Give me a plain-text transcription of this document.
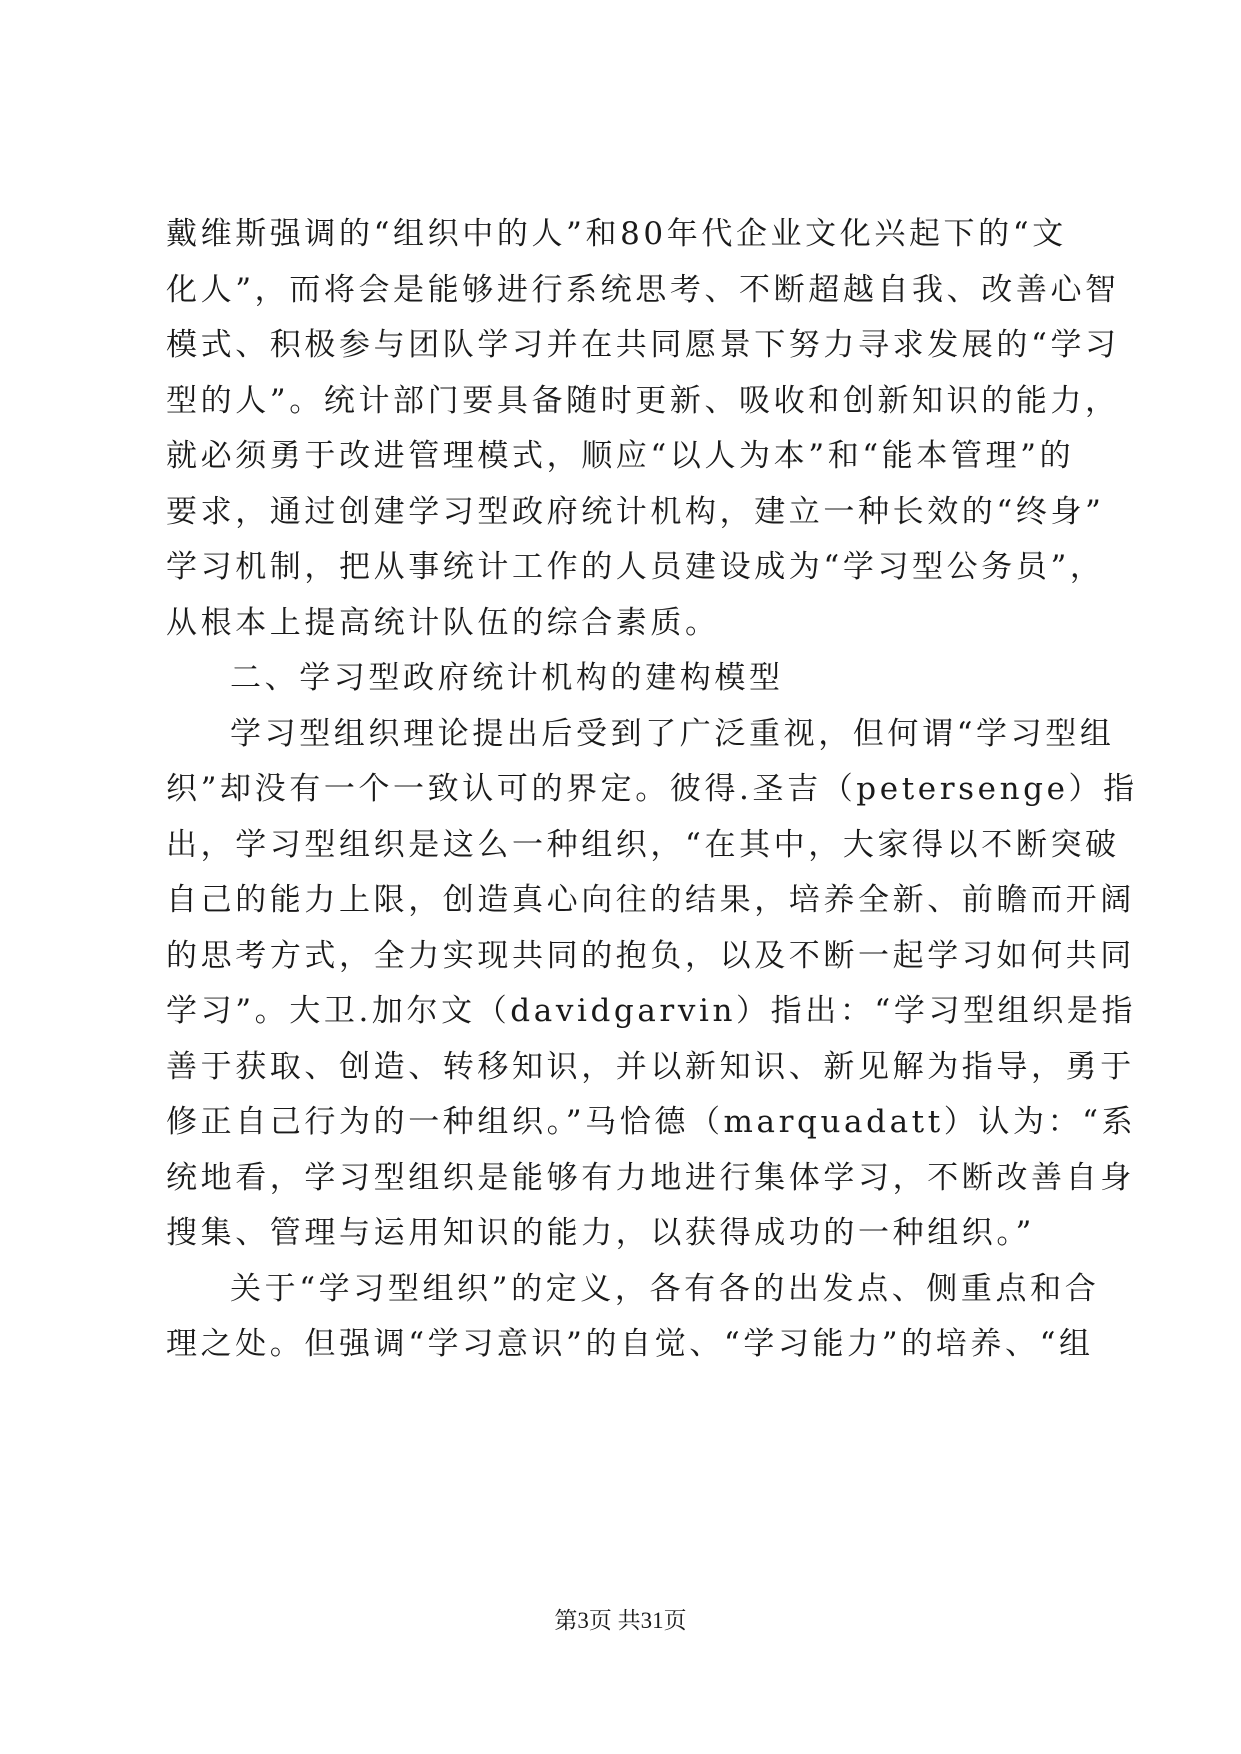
戴维斯强调的“组织中的人”和80年代企业文化兴起下的“文
化人”，而将会是能够进行系统思考、不断超越自我、改善心智
模式、积极参与团队学习并在共同愿景下努力寻求发展的“学习
型的人”。统计部门要具备随时更新、吸收和创新知识的能力，
就必须勇于改进管理模式，顺应“以人为本”和“能本管理”的
要求，通过创建学习型政府统计机构，建立一种长效的“终身”
学习机制，把从事统计工作的人员建设成为“学习型公务员”，
从根本上提高统计队伍的综合素质。
二、学习型政府统计机构的建构模型
学习型组织理论提出后受到了广泛重视，但何谓“学习型组
织”却没有一个一致认可的界定。彼得.圣吉（petersenge）指
出，学习型组织是这么一种组织，“在其中，大家得以不断突破
自己的能力上限，创造真心向往的结果，培养全新、前瞻而开阔
的思考方式，全力实现共同的抱负，以及不断一起学习如何共同
学习”。大卫.加尔文（davidgarvin）指出：“学习型组织是指
善于获取、创造、转移知识，并以新知识、新见解为指导，勇于
修正自己行为的一种组织。”马恰德（marquadatt）认为：“系
统地看，学习型组织是能够有力地进行集体学习，不断改善自身
搜集、管理与运用知识的能力，以获得成功的一种组织。”
关于“学习型组织”的定义，各有各的出发点、侧重点和合
理之处。但强调“学习意识”的自觉、“学习能力”的培养、“组
第3页 共31页
